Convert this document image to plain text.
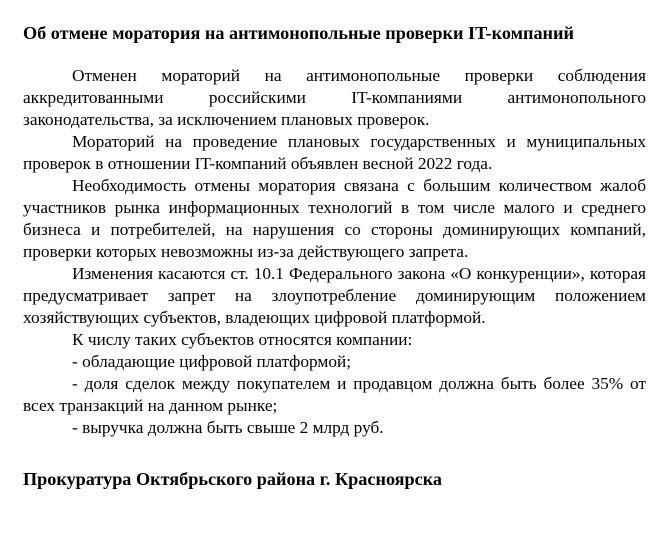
Об отмене моратория на антимонопольные проверки IT-компаний

Отменен мораторий на антимонопольные проверки соблюдения аккредитованными российскими IT-компаниями антимонопольного законодательства, за исключением плановых проверок.

Мораторий на проведение плановых государственных и муниципальных проверок в отношении IT-компаний объявлен весной 2022 года.

Необходимость отмены моратория связана с большим количеством жалоб участников рынка информационных технологий в том числе малого и среднего бизнеса и потребителей, на нарушения со стороны доминирующих компаний, проверки которых невозможны из-за действующего запрета.

Изменения касаются ст. 10.1 Федерального закона «О конкуренции», которая предусматривает запрет на злоупотребление доминирующим положением хозяйствующих субъектов, владеющих цифровой платформой.

К числу таких субъектов относятся компании:

- обладающие цифровой платформой;

- доля сделок между покупателем и продавцом должна быть более 35% от всех транзакций на данном рынке;

- выручка должна быть свыше 2 млрд руб.

Прокуратура Октябрьского района г. Красноярска
